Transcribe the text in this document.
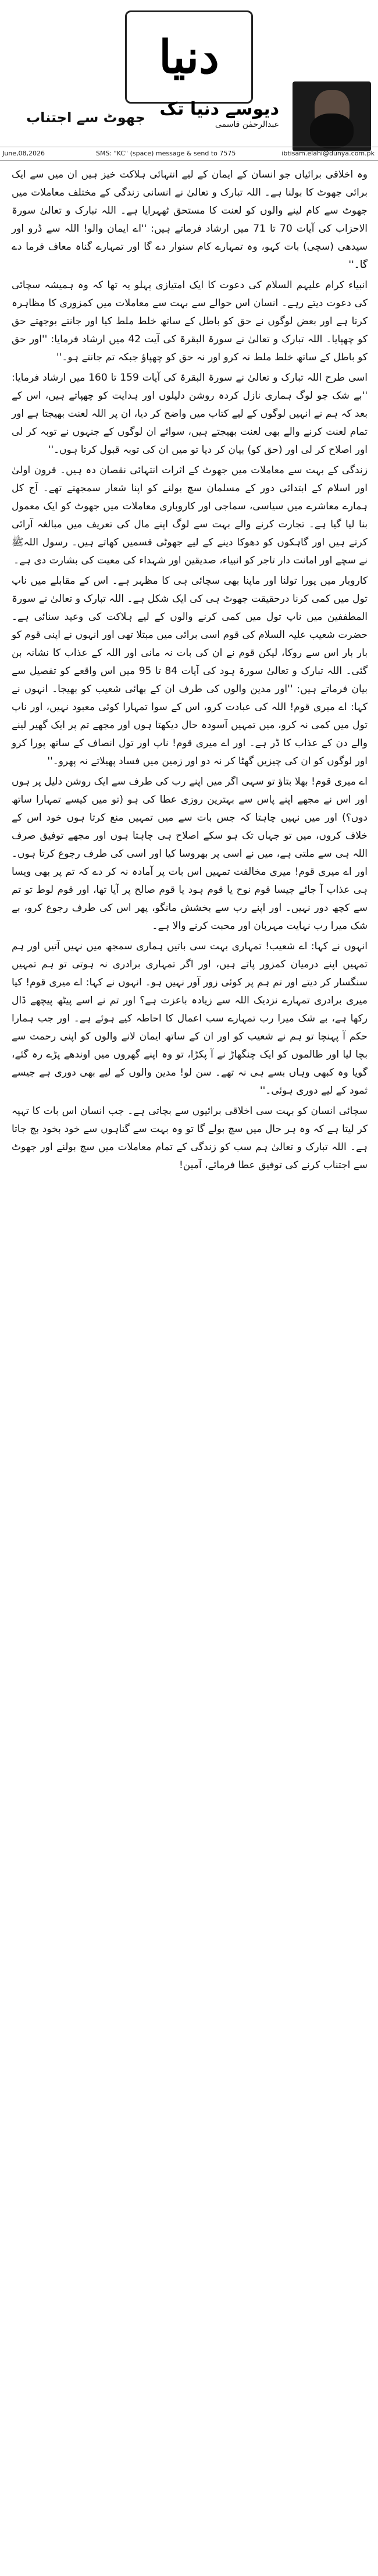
دنیا
جھوٹ سے اجتناب دیوسے دنیا تک
عبدالرحمٰن قاسمی
June,08,2026	SMS: "KC" (space) message & send to 7575	ibtisam.elahi@dunya.com.pk

وہ اخلاقی برائیاں جو انسان کے ایمان کے لیے انتہائی ہلاکت خیز ہیں ان میں سے ایک برائی جھوٹ کا بولنا ہے۔ اللہ تبارک و تعالیٰ نے انسانی زندگی کے مختلف معاملات میں جھوٹ سے کام لینے والوں کو لعنت کا مستحق ٹھہرایا ہے۔ اللہ تبارک و تعالیٰ سورۃ الاحزاب کی آیات 70 تا 71 میں ارشاد فرماتے ہیں: ''اے ایمان والو! اللہ سے ڈرو اور سیدھی (سچی) بات کہو، وہ تمہارے کام سنوار دے گا اور تمہارے گناہ معاف فرما دے گا۔''

انبیاء کرام علیہم السلام کی دعوت کا ایک امتیازی پہلو یہ تھا کہ وہ ہمیشہ سچائی کی دعوت دیتے رہے۔ انسان اس حوالے سے بہت سے معاملات میں کمزوری کا مظاہرہ کرتا ہے اور بعض لوگوں نے حق کو باطل کے ساتھ خلط ملط کیا اور جانتے بوجھتے حق کو چھپایا۔ اللہ تبارک و تعالیٰ نے سورۃ البقرۃ کی آیت 42 میں ارشاد فرمایا: ''اور حق کو باطل کے ساتھ خلط ملط نہ کرو اور نہ حق کو چھپاؤ جبکہ تم جانتے ہو۔''

اسی طرح اللہ تبارک و تعالیٰ نے سورۃ البقرۃ کی آیات 159 تا 160 میں ارشاد فرمایا: ''بے شک جو لوگ ہماری نازل کردہ روشن دلیلوں اور ہدایت کو چھپاتے ہیں، اس کے بعد کہ ہم نے انہیں لوگوں کے لیے کتاب میں واضح کر دیا، ان پر اللہ لعنت بھیجتا ہے اور تمام لعنت کرنے والے بھی لعنت بھیجتے ہیں، سوائے ان لوگوں کے جنہوں نے توبہ کر لی اور اصلاح کر لی اور (حق کو) بیان کر دیا تو میں ان کی توبہ قبول کرتا ہوں۔''

زندگی کے بہت سے معاملات میں جھوٹ کے اثرات انتہائی نقصان دہ ہیں۔ قرون اولیٰ اور اسلام کے ابتدائی دور کے مسلمان سچ بولنے کو اپنا شعار سمجھتے تھے۔ آج کل ہمارے معاشرے میں سیاسی، سماجی اور کاروباری معاملات میں جھوٹ کو ایک معمول بنا لیا گیا ہے۔ تجارت کرنے والے بہت سے لوگ اپنے مال کی تعریف میں مبالغہ آرائی کرتے ہیں اور گاہکوں کو دھوکا دینے کے لیے جھوٹی قسمیں کھاتے ہیں۔ رسول اللہﷺ نے سچے اور امانت دار تاجر کو انبیاء، صدیقین اور شہداء کی معیت کی بشارت دی ہے۔

کاروبار میں پورا تولنا اور ماپنا بھی سچائی ہی کا مظہر ہے۔ اس کے مقابلے میں ناپ تول میں کمی کرنا درحقیقت جھوٹ ہی کی ایک شکل ہے۔ اللہ تبارک و تعالیٰ نے سورۃ المطففین میں ناپ تول میں کمی کرنے والوں کے لیے ہلاکت کی وعید سنائی ہے۔ حضرت شعیب علیہ السلام کی قوم اسی برائی میں مبتلا تھی اور انہوں نے اپنی قوم کو بار بار اس سے روکا، لیکن قوم نے ان کی بات نہ مانی اور اللہ کے عذاب کا نشانہ بن گئی۔ اللہ تبارک و تعالیٰ سورۃ ہود کی آیات 84 تا 95 میں اس واقعے کو تفصیل سے بیان فرماتے ہیں: ''اور مدین والوں کی طرف ان کے بھائی شعیب کو بھیجا۔ انہوں نے کہا: اے میری قوم! اللہ کی عبادت کرو، اس کے سوا تمہارا کوئی معبود نہیں، اور ناپ تول میں کمی نہ کرو، میں تمہیں آسودہ حال دیکھتا ہوں اور مجھے تم پر ایک گھیر لینے والے دن کے عذاب کا ڈر ہے۔ اور اے میری قوم! ناپ اور تول انصاف کے ساتھ پورا کرو اور لوگوں کو ان کی چیزیں گھٹا کر نہ دو اور زمین میں فساد پھیلاتے نہ پھرو۔''

اے میری قوم! بھلا بتاؤ تو سہی اگر میں اپنے رب کی طرف سے ایک روشن دلیل پر ہوں اور اس نے مجھے اپنے پاس سے بہترین روزی عطا کی ہو (تو میں کیسے تمہارا ساتھ دوں؟) اور میں نہیں چاہتا کہ جس بات سے میں تمہیں منع کرتا ہوں خود اس کے خلاف کروں، میں تو جہاں تک ہو سکے اصلاح ہی چاہتا ہوں اور مجھے توفیق صرف اللہ ہی سے ملتی ہے، میں نے اسی پر بھروسا کیا اور اسی کی طرف رجوع کرتا ہوں۔ اور اے میری قوم! میری مخالفت تمہیں اس بات پر آمادہ نہ کر دے کہ تم پر بھی ویسا ہی عذاب آ جائے جیسا قوم نوح یا قوم ہود یا قوم صالح پر آیا تھا، اور قوم لوط تو تم سے کچھ دور نہیں۔ اور اپنے رب سے بخشش مانگو، پھر اس کی طرف رجوع کرو، بے شک میرا رب نہایت مہربان اور محبت کرنے والا ہے۔

انہوں نے کہا: اے شعیب! تمہاری بہت سی باتیں ہماری سمجھ میں نہیں آتیں اور ہم تمہیں اپنے درمیان کمزور پاتے ہیں، اور اگر تمہاری برادری نہ ہوتی تو ہم تمہیں سنگسار کر دیتے اور تم ہم پر کوئی زور آور نہیں ہو۔ انہوں نے کہا: اے میری قوم! کیا میری برادری تمہارے نزدیک اللہ سے زیادہ باعزت ہے؟ اور تم نے اسے پیٹھ پیچھے ڈال رکھا ہے، بے شک میرا رب تمہارے سب اعمال کا احاطہ کیے ہوئے ہے۔ اور جب ہمارا حکم آ پہنچا تو ہم نے شعیب کو اور ان کے ساتھ ایمان لانے والوں کو اپنی رحمت سے بچا لیا اور ظالموں کو ایک چنگھاڑ نے آ پکڑا، تو وہ اپنے گھروں میں اوندھے پڑے رہ گئے، گویا وہ کبھی وہاں بسے ہی نہ تھے۔ سن لو! مدین والوں کے لیے بھی دوری ہے جیسے ثمود کے لیے دوری ہوئی۔''

سچائی انسان کو بہت سی اخلاقی برائیوں سے بچاتی ہے۔ جب انسان اس بات کا تہیہ کر لیتا ہے کہ وہ ہر حال میں سچ بولے گا تو وہ بہت سے گناہوں سے خود بخود بچ جاتا ہے۔ اللہ تبارک و تعالیٰ ہم سب کو زندگی کے تمام معاملات میں سچ بولنے اور جھوٹ سے اجتناب کرنے کی توفیق عطا فرمائے، آمین!
